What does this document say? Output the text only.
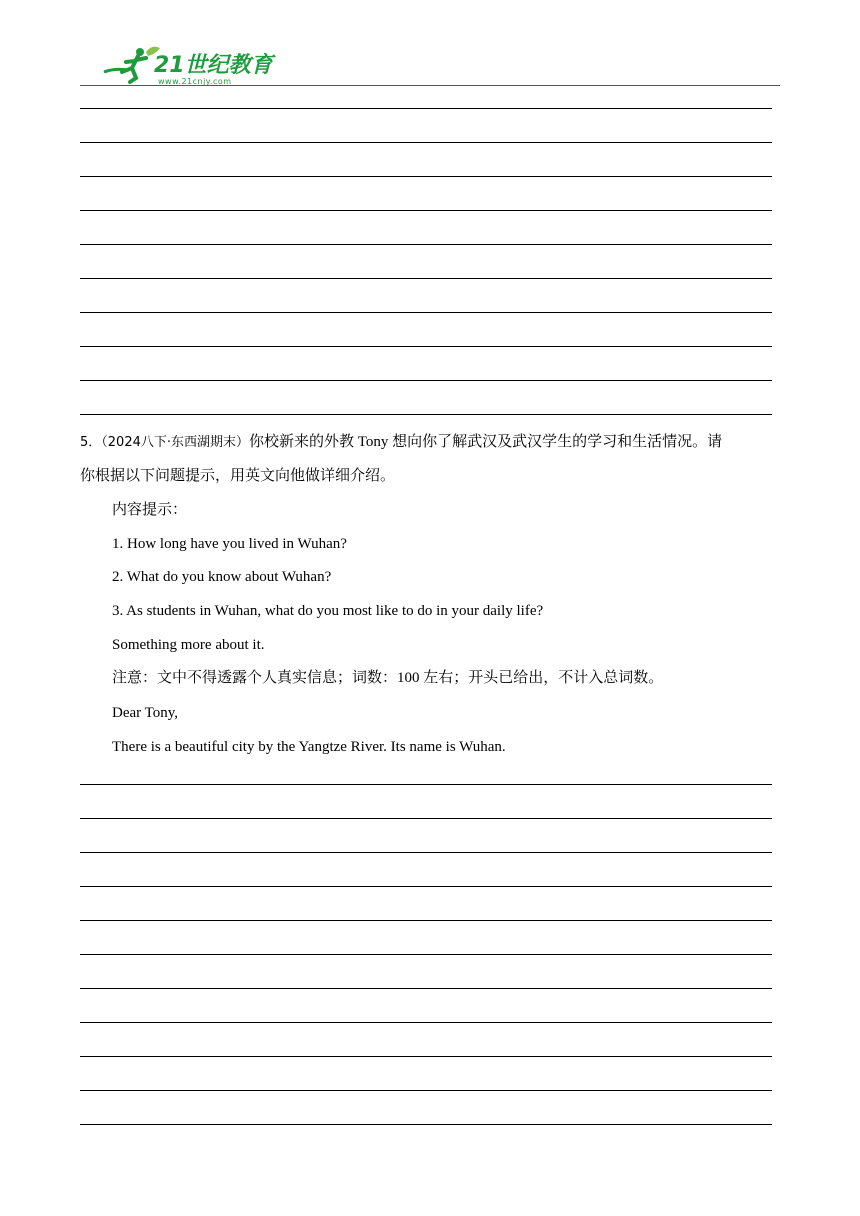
21世纪教育
www.21cnjy.com
5．（2024八下·东西湖期末）你校新来的外教 Tony 想向你了解武汉及武汉学生的学习和生活情况。请
你根据以下问题提示，用英文向他做详细介绍。
内容提示：
1. How long have you lived in Wuhan?
2. What do you know about Wuhan?
3. As students in Wuhan, what do you most like to do in your daily life?
Something more about it.
注意：文中不得透露个人真实信息；词数：100 左右；开头已给出，不计入总词数。
Dear Tony,
There is a beautiful city by the Yangtze River. Its name is Wuhan.
